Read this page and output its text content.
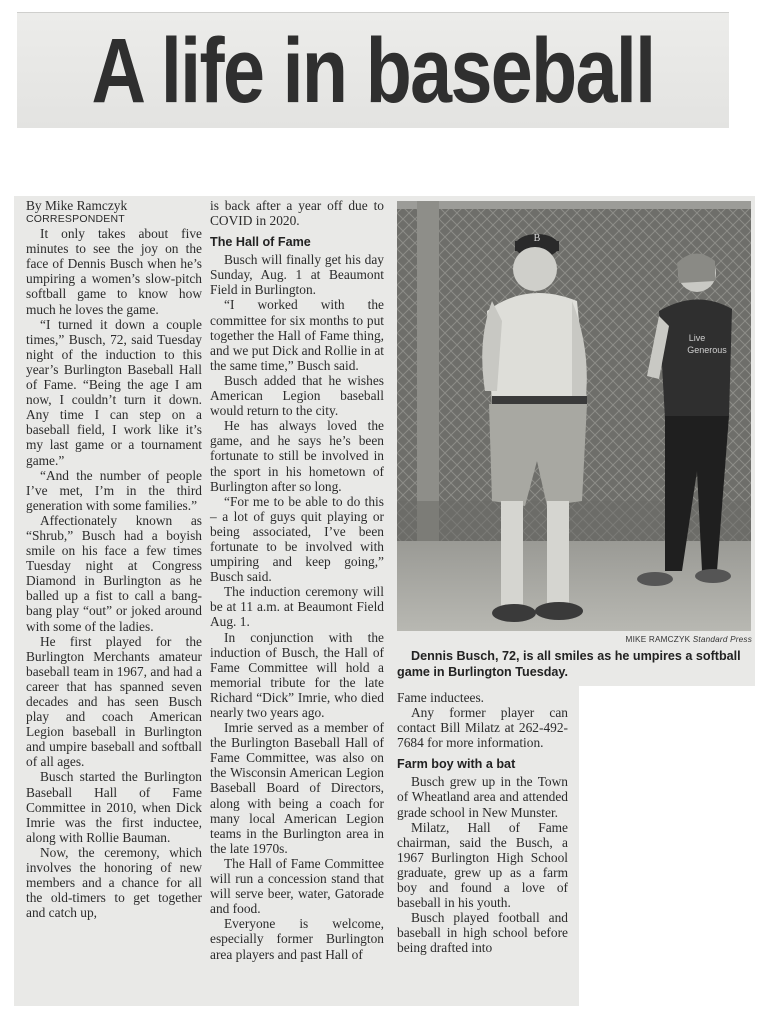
A life in baseball

By Mike Ramczyk

CORRESPONDENT

It only takes about five minutes to see the joy on the face of Dennis Busch when he’s umpiring a women’s slow-pitch softball game to know how much he loves the game.

“I turned it down a couple times,” Busch, 72, said Tuesday night of the induction to this year’s Burlington Baseball Hall of Fame. “Being the age I am now, I couldn’t turn it down. Any time I can step on a baseball field, I work like it’s my last game or a tournament game.”

“And the number of people I’ve met, I’m in the third generation with some families.”

Affectionately known as “Shrub,” Busch had a boyish smile on his face a few times Tuesday night at Congress Diamond in Burlington as he balled up a fist to call a bang-bang play “out” or joked around with some of the ladies.

He first played for the Burlington Merchants amateur baseball team in 1967, and had a career that has spanned seven decades and has seen Busch play and coach American Legion baseball in Burlington and umpire baseball and softball of all ages.

Busch started the Burlington Baseball Hall of Fame Committee in 2010, when Dick Imrie was the first inductee, along with Rollie Bauman.

Now, the ceremony, which involves the honoring of new members and a chance for all the old-timers to get together and catch up,

is back after a year off due to COVID in 2020.

The Hall of Fame

Busch will finally get his day Sunday, Aug. 1 at Beaumont Field in Burlington.

“I worked with the committee for six months to put together the Hall of Fame thing, and we put Dick and Rollie in at the same time,” Busch said.

Busch added that he wishes American Legion baseball would return to the city.

He has always loved the game, and he says he’s been fortunate to still be involved in the sport in his hometown of Burlington after so long.

“For me to be able to do this – a lot of guys quit playing or being associated, I’ve been fortunate to be involved with umpiring and keep going,” Busch said.

The induction ceremony will be at 11 a.m. at Beaumont Field Aug. 1.

In conjunction with the induction of Busch, the Hall of Fame Committee will hold a memorial tribute for the late Richard “Dick” Imrie, who died nearly two years ago.

Imrie served as a member of the Burlington Baseball Hall of Fame Committee, was also on the Wisconsin American Legion Baseball Board of Directors, along with being a coach for many local American Legion teams in the Burlington area in the late 1970s.

The Hall of Fame Committee will run a concession stand that will serve beer, water, Gatorade and food.

Everyone is welcome, especially former Burlington area players and past Hall of

B
Live
Generous
MIKE RAMCZYK Standard Press
Dennis Busch, 72, is all smiles as he umpires a softball game in Burlington Tuesday.

Fame inductees.

Any former player can contact Bill Milatz at 262-492-7684 for more information.

Farm boy with a bat

Busch grew up in the Town of Wheatland area and attended grade school in New Munster.

Milatz, Hall of Fame chairman, said the Busch, a 1967 Burlington High School graduate, grew up as a farm boy and found a love of baseball in his youth.

Busch played football and baseball in high school before being drafted into
